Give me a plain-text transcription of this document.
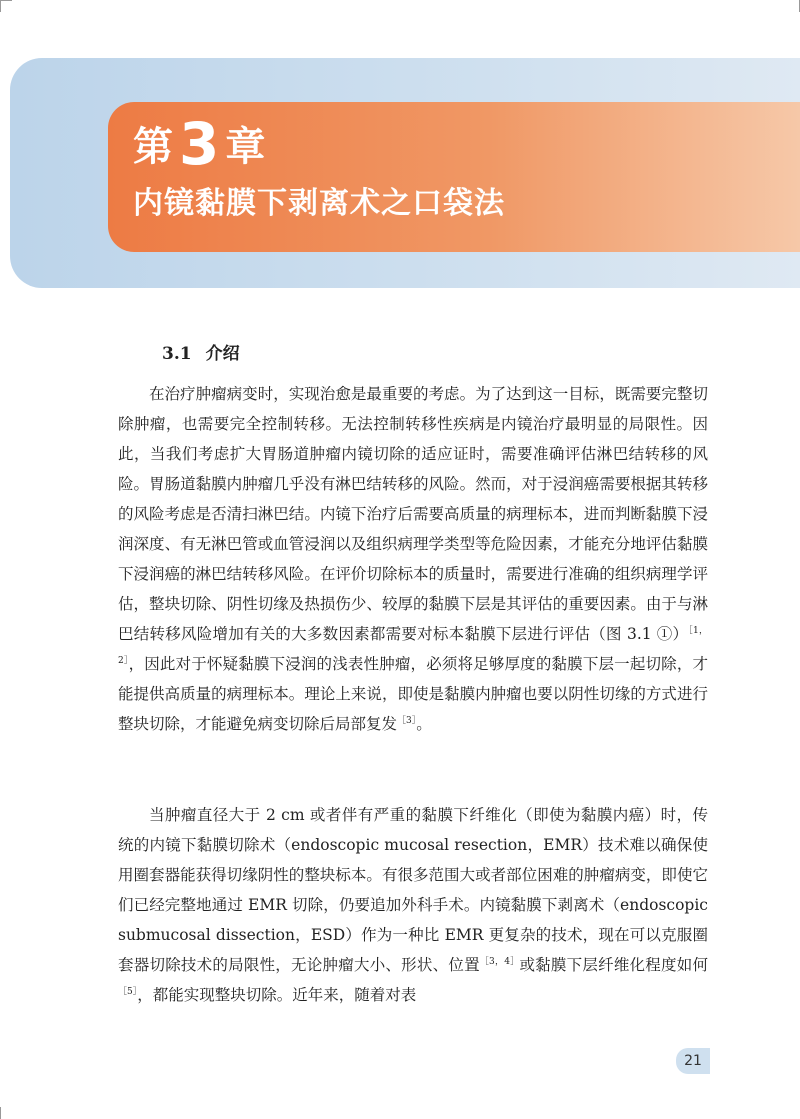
第 3 章
内镜黏膜下剥离术之口袋法
3.1 介绍

在治疗肿瘤病变时，实现治愈是最重要的考虑。为了达到这一目标，既需要完整切除肿瘤，也需要完全控制转移。无法控制转移性疾病是内镜治疗最明显的局限性。因此，当我们考虑扩大胃肠道肿瘤内镜切除的适应证时，需要准确评估淋巴结转移的风险。胃肠道黏膜内肿瘤几乎没有淋巴结转移的风险。然而，对于浸润癌需要根据其转移的风险考虑是否清扫淋巴结。内镜下治疗后需要高质量的病理标本，进而判断黏膜下浸润深度、有无淋巴管或血管浸润以及组织病理学类型等危险因素，才能充分地评估黏膜下浸润癌的淋巴结转移风险。在评价切除标本的质量时，需要进行准确的组织病理学评估，整块切除、阴性切缘及热损伤少、较厚的黏膜下层是其评估的重要因素。由于与淋巴结转移风险增加有关的大多数因素都需要对标本黏膜下层进行评估（图 3.1 ①）$^{[1,2]}$，因此对于怀疑黏膜下浸润的浅表性肿瘤，必须将足够厚度的黏膜下层一起切除，才能提供高质量的病理标本。理论上来说，即使是黏膜内肿瘤也要以阴性切缘的方式进行整块切除，才能避免病变切除后局部复发$^{[3]}$。

当肿瘤直径大于 2 cm 或者伴有严重的黏膜下纤维化（即使为黏膜内癌）时，传统的内镜下黏膜切除术（endoscopic mucosal resection，EMR）技术难以确保使用圈套器能获得切缘阴性的整块标本。有很多范围大或者部位困难的肿瘤病变，即使它们已经完整地通过 EMR 切除，仍要追加外科手术。内镜黏膜下剥离术（endoscopic submucosal dissection，ESD）作为一种比 EMR 更复杂的技术，现在可以克服圈套器切除技术的局限性，无论肿瘤大小、形状、位置$^{[3,4]}$或黏膜下层纤维化程度如何$^{[5]}$，都能实现整块切除。近年来，随着对表

21
